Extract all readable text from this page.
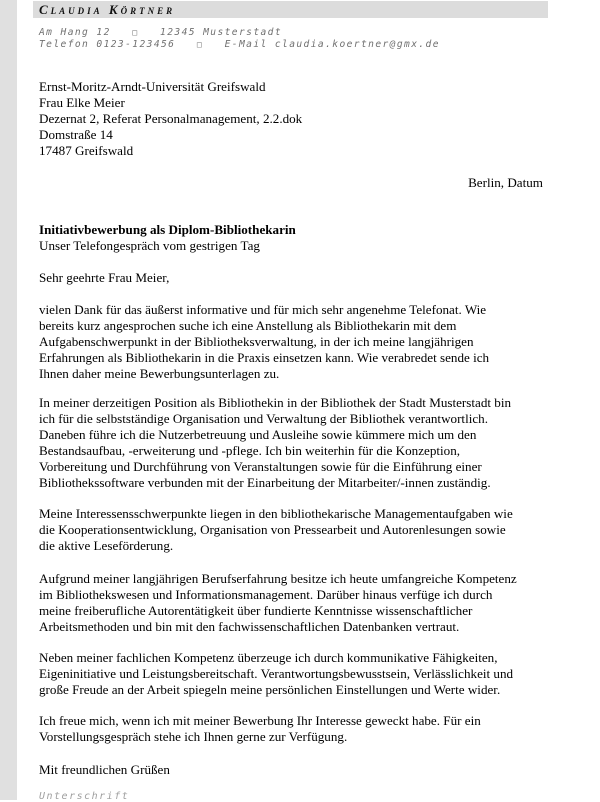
Claudia Körtner
Am Hang 12	□ 12345 Musterstadt
Telefon 0123-123456	□ E-Mail claudia.koertner@gmx.de
Ernst-Moritz-Arndt-Universität Greifswald
Frau Elke Meier
Dezernat 2, Referat Personalmanagement, 2.2.dok
Domstraße 14
17487 Greifswald
Berlin, Datum
Initiativbewerbung als Diplom-Bibliothekarin
Unser Telefongespräch vom gestrigen Tag
Sehr geehrte Frau Meier,
vielen Dank für das äußerst informative und für mich sehr angenehme Telefonat. Wie
bereits kurz angesprochen suche ich eine Anstellung als Bibliothekarin mit dem
Aufgabenschwerpunkt in der Bibliotheksverwaltung, in der ich meine langjährigen
Erfahrungen als Bibliothekarin in die Praxis einsetzen kann. Wie verabredet sende ich
Ihnen daher meine Bewerbungsunterlagen zu.
In meiner derzeitigen Position als Bibliothekin in der Bibliothek der Stadt Musterstadt bin
ich für die selbstständige Organisation und Verwaltung der Bibliothek verantwortlich.
Daneben führe ich die Nutzerbetreuung und Ausleihe sowie kümmere mich um den
Bestandsaufbau, -erweiterung und -pflege. Ich bin weiterhin für die Konzeption,
Vorbereitung und Durchführung von Veranstaltungen sowie für die Einführung einer
Bibliothekssoftware verbunden mit der Einarbeitung der Mitarbeiter/-innen zuständig.
Meine Interessensschwerpunkte liegen in den bibliothekarische Managementaufgaben wie
die Kooperationsentwicklung, Organisation von Pressearbeit und Autorenlesungen sowie
die aktive Leseförderung.
Aufgrund meiner langjährigen Berufserfahrung besitze ich heute umfangreiche Kompetenz
im Bibliothekswesen und Informationsmanagement. Darüber hinaus verfüge ich durch
meine freiberufliche Autorentätigkeit über fundierte Kenntnisse wissenschaftlicher
Arbeitsmethoden und bin mit den fachwissenschaftlichen Datenbanken vertraut.
Neben meiner fachlichen Kompetenz überzeuge ich durch kommunikative Fähigkeiten,
Eigeninitiative und Leistungsbereitschaft. Verantwortungsbewusstsein, Verlässlichkeit und
große Freude an der Arbeit spiegeln meine persönlichen Einstellungen und Werte wider.
Ich freue mich, wenn ich mit meiner Bewerbung Ihr Interesse geweckt habe. Für ein
Vorstellungsgespräch stehe ich Ihnen gerne zur Verfügung.
Mit freundlichen Grüßen
Unterschrift
